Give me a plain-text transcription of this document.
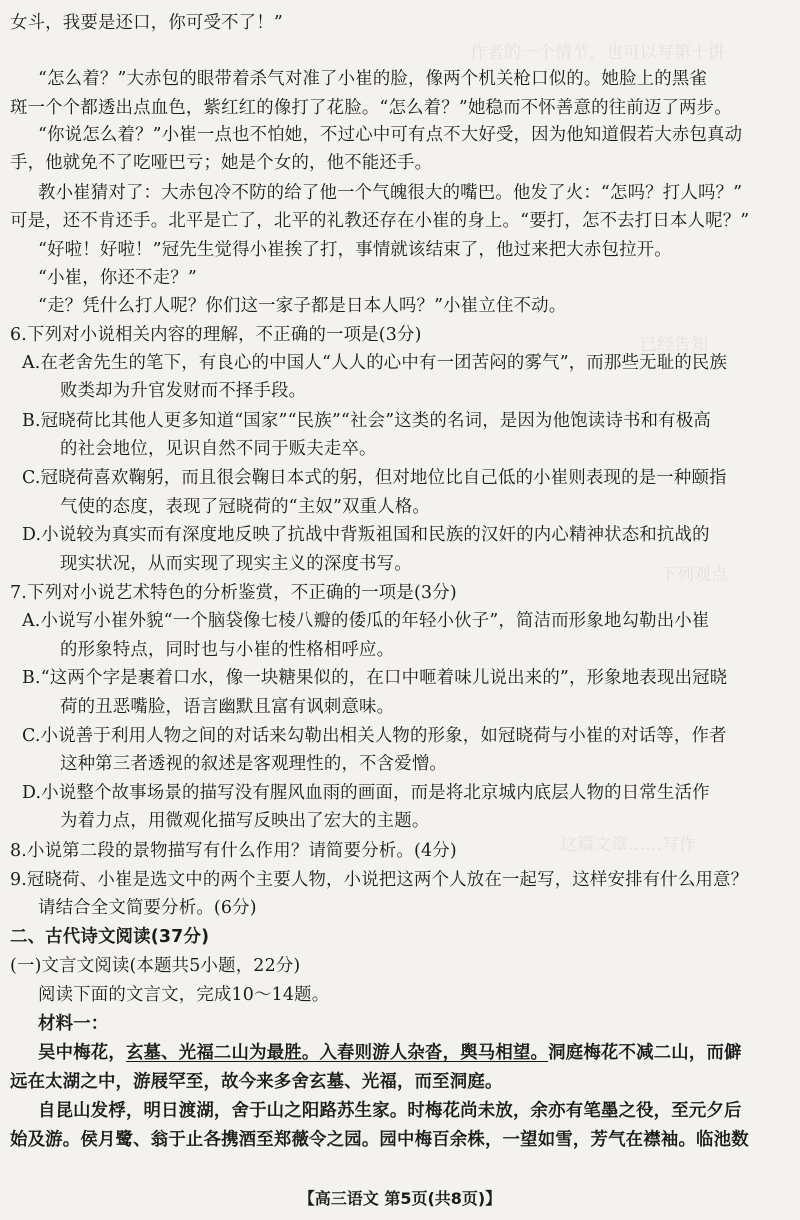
作者的一个情节，也可以写第十讲
已经告知
下列观点
这篇文章……写作
女斗，我要是还口，你可受不了！”
“怎么着？”大赤包的眼带着杀气对准了小崔的脸，像两个机关枪口似的。她脸上的黑雀
斑一个个都透出点血色，紫红红的像打了花脸。“怎么着？”她稳而不怀善意的往前迈了两步。
“你说怎么着？”小崔一点也不怕她，不过心中可有点不大好受，因为他知道假若大赤包真动
手，他就免不了吃哑巴亏；她是个女的，他不能还手。
教小崔猜对了：大赤包冷不防的给了他一个气魄很大的嘴巴。他发了火：“怎吗？打人吗？”
可是，还不肯还手。北平是亡了，北平的礼教还存在小崔的身上。“要打，怎不去打日本人呢？”
“好啦！好啦！”冠先生觉得小崔挨了打，事情就该结束了，他过来把大赤包拉开。
“小崔，你还不走？”
“走？凭什么打人呢？你们这一家子都是日本人吗？”小崔立住不动。
6.下列对小说相关内容的理解，不正确的一项是(3分)
A.在老舍先生的笔下，有良心的中国人“人人的心中有一团苦闷的雾气”，而那些无耻的民族
败类却为升官发财而不择手段。
B.冠晓荷比其他人更多知道“国家”“民族”“社会”这类的名词，是因为他饱读诗书和有极高
的社会地位，见识自然不同于贩夫走卒。
C.冠晓荷喜欢鞠躬，而且很会鞠日本式的躬，但对地位比自己低的小崔则表现的是一种颐指
气使的态度，表现了冠晓荷的“主奴”双重人格。
D.小说较为真实而有深度地反映了抗战中背叛祖国和民族的汉奸的内心精神状态和抗战的
现实状况，从而实现了现实主义的深度书写。
7.下列对小说艺术特色的分析鉴赏，不正确的一项是(3分)
A.小说写小崔外貌“一个脑袋像七棱八瓣的倭瓜的年轻小伙子”，简洁而形象地勾勒出小崔
的形象特点，同时也与小崔的性格相呼应。
B.“这两个字是裹着口水，像一块糖果似的，在口中咂着味儿说出来的”，形象地表现出冠晓
荷的丑恶嘴脸，语言幽默且富有讽刺意味。
C.小说善于利用人物之间的对话来勾勒出相关人物的形象，如冠晓荷与小崔的对话等，作者
这种第三者透视的叙述是客观理性的，不含爱憎。
D.小说整个故事场景的描写没有腥风血雨的画面，而是将北京城内底层人物的日常生活作
为着力点，用微观化描写反映出了宏大的主题。
8.小说第二段的景物描写有什么作用？请简要分析。(4分)
9.冠晓荷、小崔是选文中的两个主要人物，小说把这两个人放在一起写，这样安排有什么用意？
请结合全文简要分析。(6分)
二、古代诗文阅读(37分)
(一)文言文阅读(本题共5小题，22分)
阅读下面的文言文，完成10～14题。
材料一：
吴中梅花，玄墓、光福二山为最胜。入春则游人杂沓，舆马相望。洞庭梅花不减二山，而僻
远在太湖之中，游屐罕至，故今来多舍玄墓、光福，而至洞庭。
自昆山发桴，明日渡湖，舍于山之阳路苏生家。时梅花尚未放，余亦有笔墨之役，至元夕后
始及游。侯月鹭、翁于止各携酒至郑薇令之园。园中梅百余株，一望如雪，芳气在襟袖。临池数
【高三语文 第5页(共8页)】
